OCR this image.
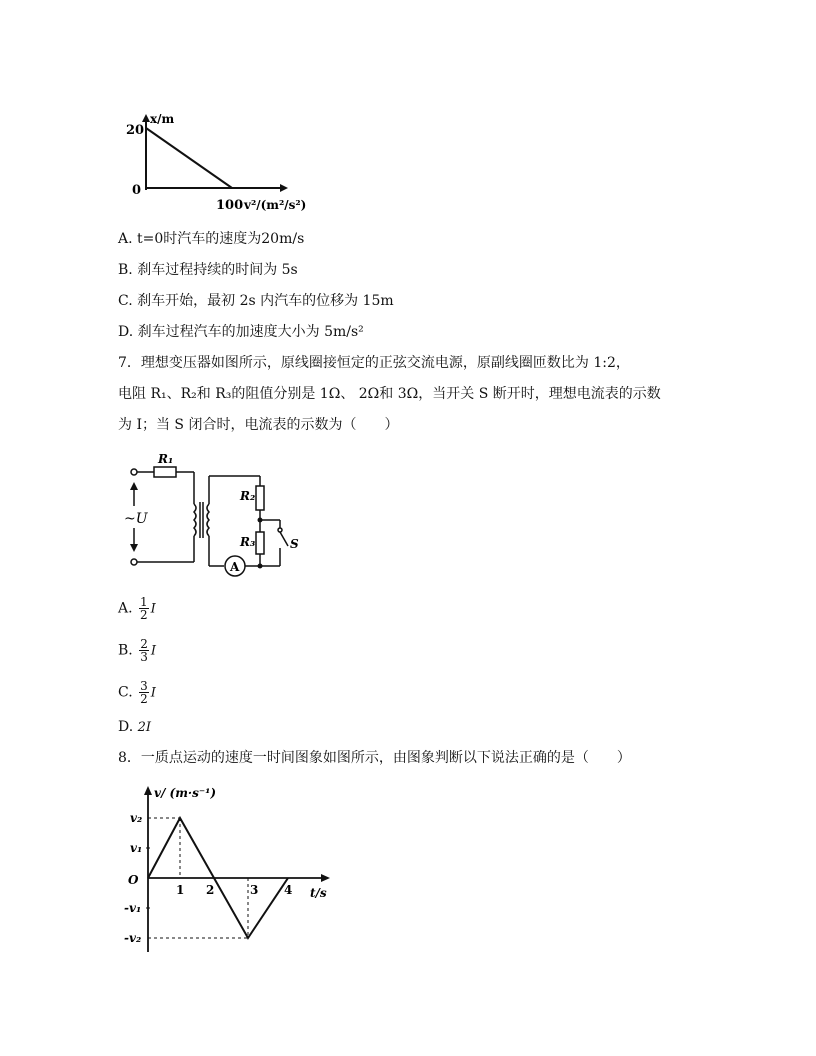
x/m
20
0
100 v²/(m²/s²)
A. t=0时汽车的速度为20m/s
B. 刹车过程持续的时间为 5s
C. 刹车开始，最初 2s 内汽车的位移为 15m
D. 刹车过程汽车的加速度大小为 5m/s²
7．理想变压器如图所示，原线圈接恒定的正弦交流电源，原副线圈匝数比为 1:2，
电阻 R₁、R₂和 R₃的阻值分别是 1Ω、 2Ω和 3Ω，当开关 S 断开时，理想电流表的示数
为 I；当 S 闭合时，电流表的示数为（　　）
R₁
R₂
R₃
~U
S
A
A. $\frac{1}{2}$ I
B. $\frac{2}{3}$ I
C. $\frac{3}{2}$ I
D. 2I
8．一质点运动的速度一时间图象如图所示，由图象判断以下说法正确的是（　　）
v/ (m·s⁻¹)
t/s
O
v₂
v₁
-v₁
-v₂
1 2	3 4
